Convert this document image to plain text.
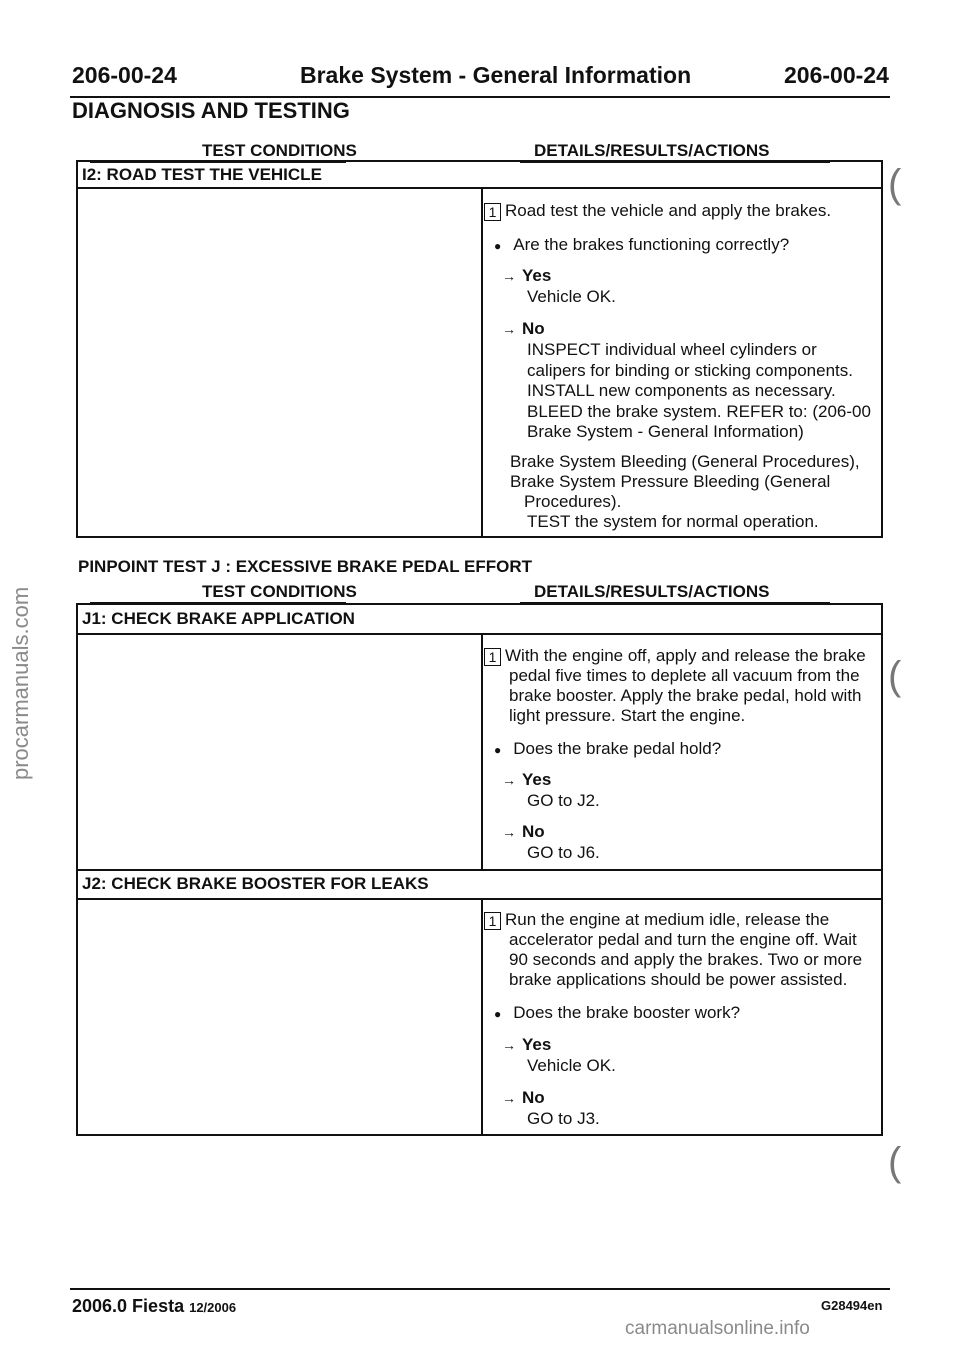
206-00-24	Brake System - General Information	206-00-24
DIAGNOSIS AND TESTING
TEST CONDITIONS	DETAILS/RESULTS/ACTIONS
I2: ROAD TEST THE VEHICLE
1 Road test the vehicle and apply the brakes.
● Are the brakes functioning correctly?
→ Yes
Vehicle OK.
→ No
INSPECT individual wheel cylinders or
calipers for binding or sticking components.
INSTALL new components as necessary.
BLEED the brake system. REFER to: (206-00
Brake System - General Information)
Brake System Bleeding (General Procedures),
Brake System Pressure Bleeding (General
Procedures).
TEST the system for normal operation.
PINPOINT TEST J : EXCESSIVE BRAKE PEDAL EFFORT
TEST CONDITIONS	DETAILS/RESULTS/ACTIONS
J1: CHECK BRAKE APPLICATION
1 With the engine off, apply and release the brake
pedal five times to deplete all vacuum from the
brake booster. Apply the brake pedal, hold with
light pressure. Start the engine.
● Does the brake pedal hold?
→ Yes
GO to J2.
→ No
GO to J6.
J2: CHECK BRAKE BOOSTER FOR LEAKS
1 Run the engine at medium idle, release the
accelerator pedal and turn the engine off. Wait
90 seconds and apply the brakes. Two or more
brake applications should be power assisted.
● Does the brake booster work?
→ Yes
Vehicle OK.
→ No
GO to J3.
(
(
(
2006.0 Fiesta 12/2006	G28494en
procarmanuals.com
carmanualsonline.info
